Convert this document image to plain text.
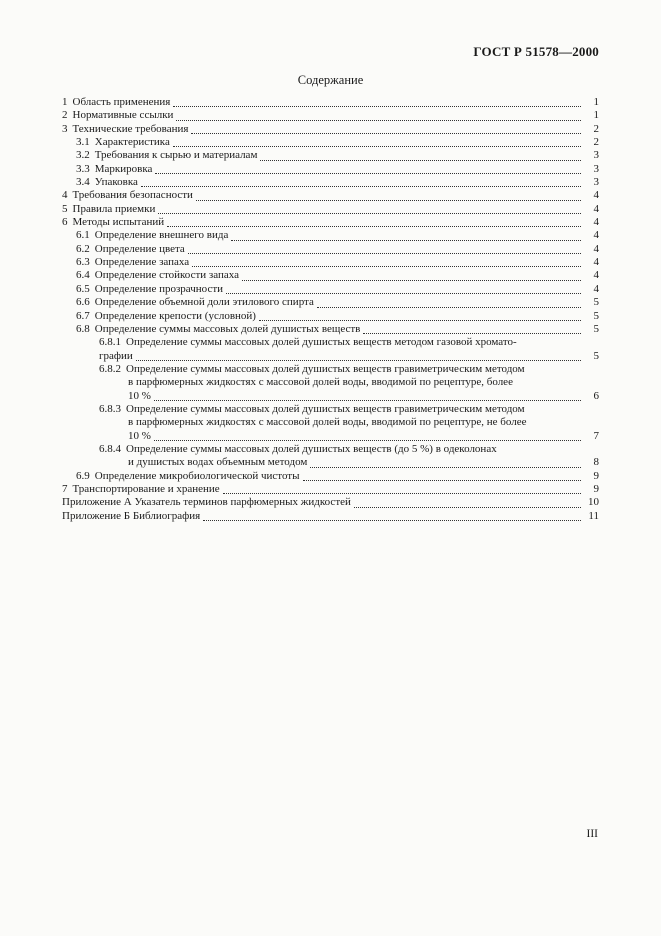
ГОСТ Р 51578—2000
Содержание
1 Область применения	1
2 Нормативные ссылки	1
3 Технические требования	2
3.1 Характеристика	2
3.2 Требования к сырью и материалам	3
3.3 Маркировка	3
3.4 Упаковка	3
4 Требования безопасности	4
5 Правила приемки	4
6 Методы испытаний	4
6.1 Определение внешнего вида	4
6.2 Определение цвета	4
6.3 Определение запаха	4
6.4 Определение стойкости запаха	4
6.5 Определение прозрачности	4
6.6 Определение объемной доли этилового спирта	5
6.7 Определение крепости (условной)	5
6.8 Определение суммы массовых долей душистых веществ	5
6.8.1 Определение суммы массовых долей душистых веществ методом газовой хромато-
графии	5
6.8.2 Определение суммы массовых долей душистых веществ гравиметрическим методом
в парфюмерных жидкостях с массовой долей воды, вводимой по рецептуре, более
10 %	6
6.8.3 Определение суммы массовых долей душистых веществ гравиметрическим методом
в парфюмерных жидкостях с массовой долей воды, вводимой по рецептуре, не более
10 %	7
6.8.4 Определение суммы массовых долей душистых веществ (до 5 %) в одеколонах
и душистых водах объемным методом	8
6.9 Определение микробиологической чистоты	9
7 Транспортирование и хранение	9
Приложение А Указатель терминов парфюмерных жидкостей	10
Приложение Б Библиография	11
III
